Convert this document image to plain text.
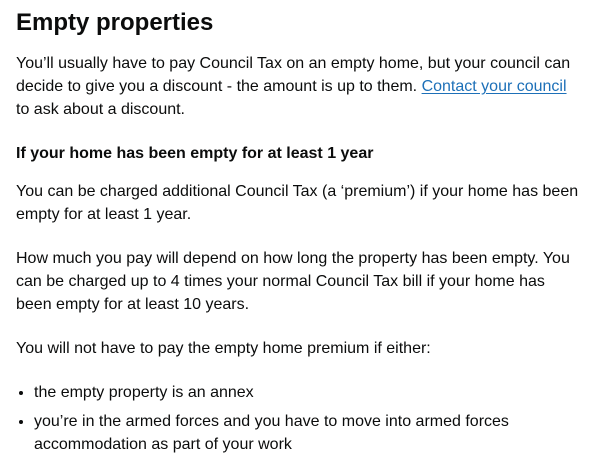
Empty properties

You’ll usually have to pay Council Tax on an empty home, but your council can decide to give you a discount - the amount is up to them. Contact your council to ask about a discount.

If your home has been empty for at least 1 year

You can be charged additional Council Tax (a ‘premium’) if your home has been empty for at least 1 year.

How much you pay will depend on how long the property has been empty. You can be charged up to 4 times your normal Council Tax bill if your home has been empty for at least 10 years.

You will not have to pay the empty home premium if either:

• the empty property is an annex
• you’re in the armed forces and you have to move into armed forces accommodation as part of your work
